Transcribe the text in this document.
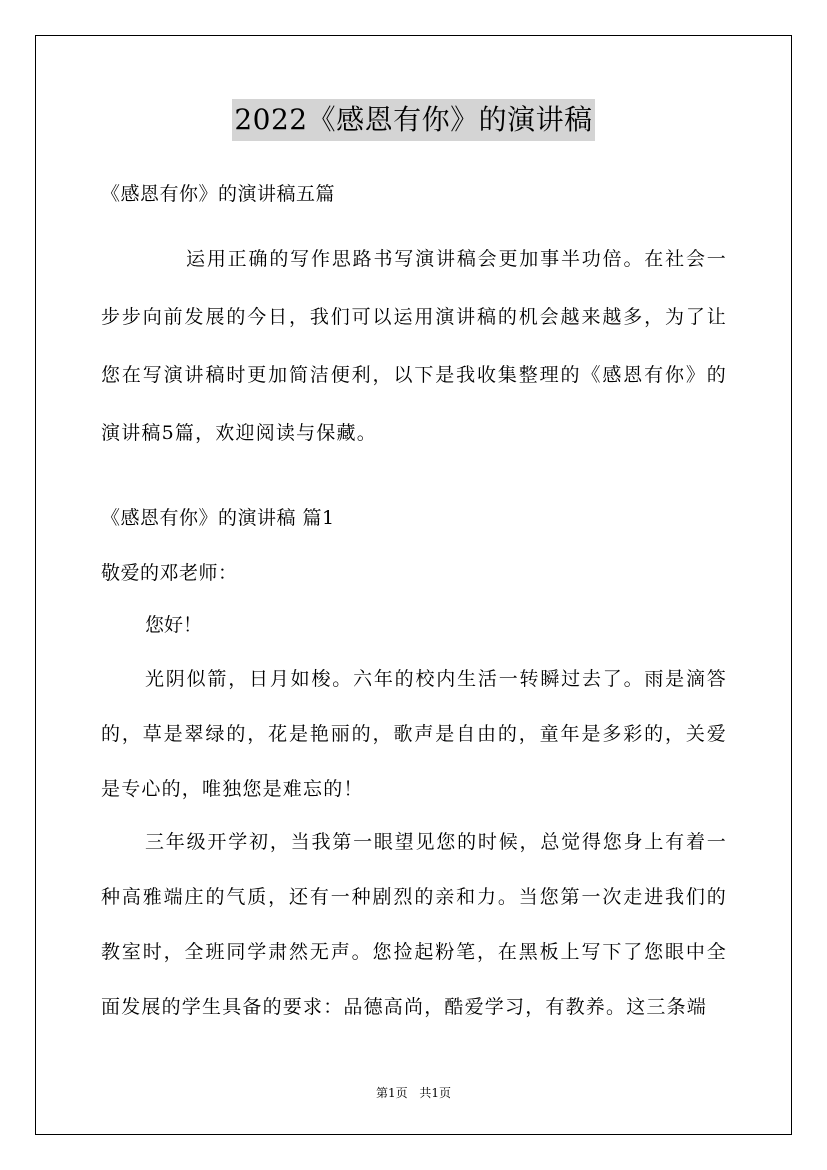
2022《感恩有你》的演讲稿
《感恩有你》的演讲稿五篇
运用正确的写作思路书写演讲稿会更加事半功倍。在社会一步步向前发展的今日，我们可以运用演讲稿的机会越来越多，为了让您在写演讲稿时更加简洁便利，以下是我收集整理的《感恩有你》的演讲稿5篇，欢迎阅读与保藏。
《感恩有你》的演讲稿 篇1
敬爱的邓老师：
您好！
光阴似箭，日月如梭。六年的校内生活一转瞬过去了。雨是滴答的，草是翠绿的，花是艳丽的，歌声是自由的，童年是多彩的，关爱是专心的，唯独您是难忘的！
三年级开学初，当我第一眼望见您的时候，总觉得您身上有着一种高雅端庄的气质，还有一种剧烈的亲和力。当您第一次走进我们的教室时，全班同学肃然无声。您捡起粉笔，在黑板上写下了您眼中全面发展的学生具备的要求：品德高尚，酷爱学习，有教养。这三条端
第1页 共1页
